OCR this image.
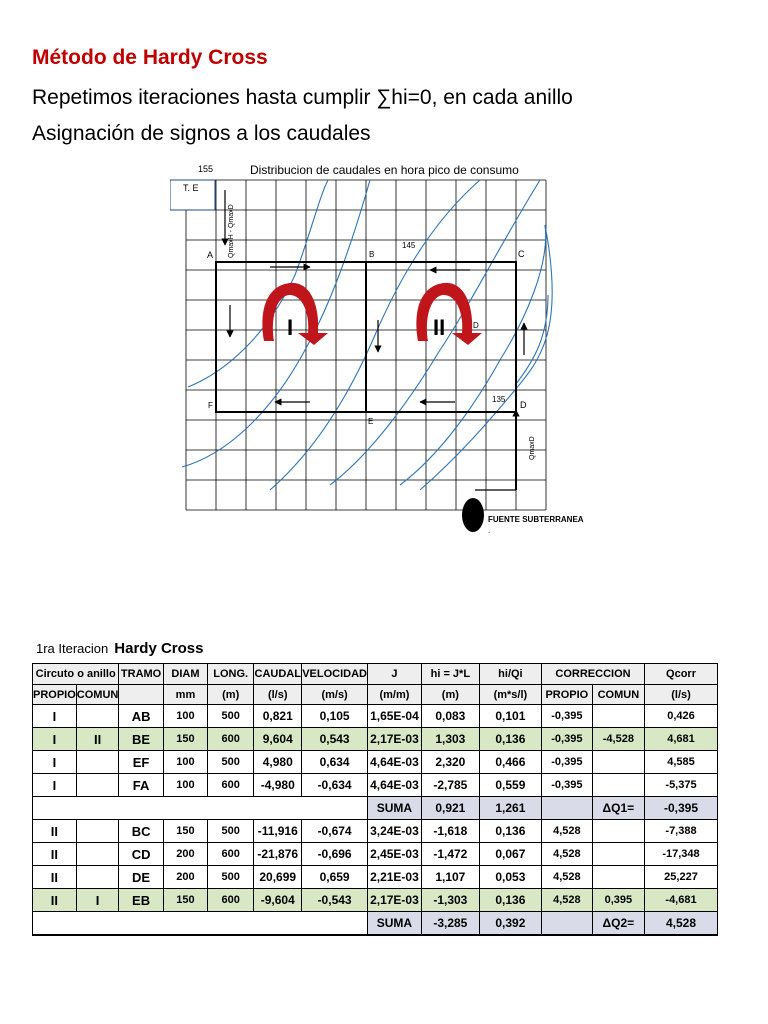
Método de Hardy Cross
Repetimos iteraciones hasta cumplir ∑hi=0, en cada anillo
Asignación de signos a los caudales
Distribucion de caudales en hora pico de consumo
155
T. E
A	B	C
D
E
F
145
135
D
QmaxH - QmaxD
QmaxD
I	II
FUENTE SUBTERRANEA
.
1ra Iteracion Hardy Cross
Circuto o anillo		TRAMO	DIAM	LONG.	CAUDAL	VELOCIDAD	J	hi = J*L	hi/Qi	CORRECCION		Qcorr
PROPIO	COMUN		mm	(m)	(l/s)	(m/s)	(m/m)	(m)	(m*s/l)	PROPIO	COMUN	(l/s)
I		AB	100	500	0,821	0,105	1,65E-04	0,083	0,101	-0,395		0,426
I	II	BE	150	600	9,604	0,543	2,17E-03	1,303	0,136	-0,395	-4,528	4,681
I		EF	100	500	4,980	0,634	4,64E-03	2,320	0,466	-0,395		4,585
I		FA	100	600	-4,980	-0,634	4,64E-03	-2,785	0,559	-0,395		-5,375
							SUMA	0,921	1,261		ΔQ1=	-0,395
II		BC	150	500	-11,916	-0,674	3,24E-03	-1,618	0,136	4,528		-7,388
II		CD	200	600	-21,876	-0,696	2,45E-03	-1,472	0,067	4,528		-17,348
II		DE	200	500	20,699	0,659	2,21E-03	1,107	0,053	4,528		25,227
II	I	EB	150	600	-9,604	-0,543	2,17E-03	-1,303	0,136	4,528	0,395	-4,681
							SUMA	-3,285	0,392		ΔQ2=	4,528
